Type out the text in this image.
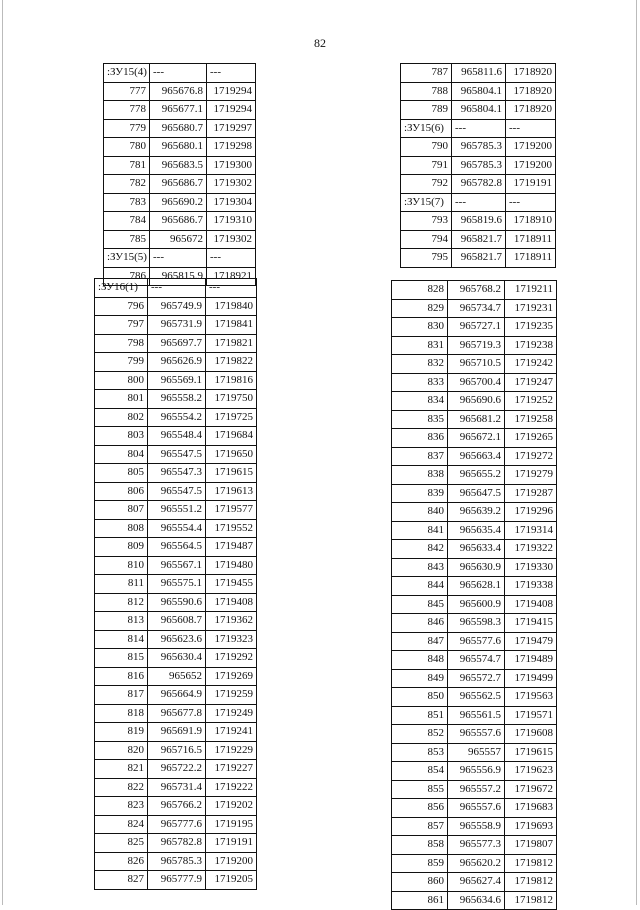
82
:ЗУ15(4)	---	---
777	965676.8	1719294
778	965677.1	1719294
779	965680.7	1719297
780	965680.1	1719298
781	965683.5	1719300
782	965686.7	1719302
783	965690.2	1719304
784	965686.7	1719310
785	965672	1719302
:ЗУ15(5)	---	---
786	965815.9	1718921
787	965811.6	1718920
788	965804.1	1718920
789	965804.1	1718920
:ЗУ15(6)	---	---
790	965785.3	1719200
791	965785.3	1719200
792	965782.8	1719191
:ЗУ15(7)	---	---
793	965819.6	1718910
794	965821.7	1718911
795	965821.7	1718911
:ЗУ16(1)	---	---
796	965749.9	1719840
797	965731.9	1719841
798	965697.7	1719821
799	965626.9	1719822
800	965569.1	1719816
801	965558.2	1719750
802	965554.2	1719725
803	965548.4	1719684
804	965547.5	1719650
805	965547.3	1719615
806	965547.5	1719613
807	965551.2	1719577
808	965554.4	1719552
809	965564.5	1719487
810	965567.1	1719480
811	965575.1	1719455
812	965590.6	1719408
813	965608.7	1719362
814	965623.6	1719323
815	965630.4	1719292
816	965652	1719269
817	965664.9	1719259
818	965677.8	1719249
819	965691.9	1719241
820	965716.5	1719229
821	965722.2	1719227
822	965731.4	1719222
823	965766.2	1719202
824	965777.6	1719195
825	965782.8	1719191
826	965785.3	1719200
827	965777.9	1719205
828	965768.2	1719211
829	965734.7	1719231
830	965727.1	1719235
831	965719.3	1719238
832	965710.5	1719242
833	965700.4	1719247
834	965690.6	1719252
835	965681.2	1719258
836	965672.1	1719265
837	965663.4	1719272
838	965655.2	1719279
839	965647.5	1719287
840	965639.2	1719296
841	965635.4	1719314
842	965633.4	1719322
843	965630.9	1719330
844	965628.1	1719338
845	965600.9	1719408
846	965598.3	1719415
847	965577.6	1719479
848	965574.7	1719489
849	965572.7	1719499
850	965562.5	1719563
851	965561.5	1719571
852	965557.6	1719608
853	965557	1719615
854	965556.9	1719623
855	965557.2	1719672
856	965557.6	1719683
857	965558.9	1719693
858	965577.3	1719807
859	965620.2	1719812
860	965627.4	1719812
861	965634.6	1719812
